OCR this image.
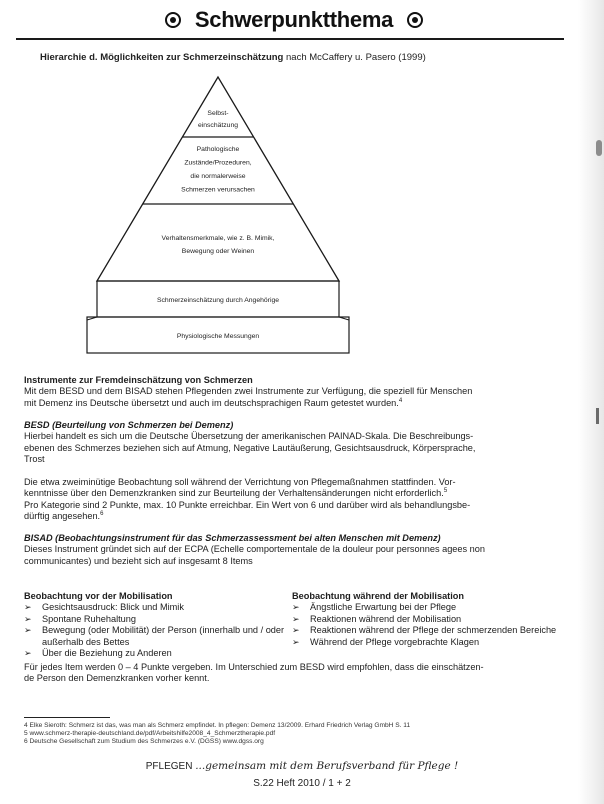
Schwerpunktthema
Hierarchie d. Möglichkeiten zur Schmerzeinschätzung nach McCaffery u. Pasero (1999)
Selbst-
einschätzung
Pathologische
Zustände/Prozeduren,
die normalerweise
Schmerzen verursachen
Verhaltensmerkmale, wie z. B. Mimik,
Bewegung oder Weinen
Schmerzeinschätzung durch Angehörige
Physiologische Messungen

Instrumente zur Fremdeinschätzung von Schmerzen

Mit dem BESD und dem BISAD stehen Pflegenden zwei Instrumente zur Verfügung, die speziell für Menschen

mit Demenz ins Deutsche übersetzt und auch im deutschsprachigen Raum getestet wurden.$^4$

BESD (Beurteilung von Schmerzen bei Demenz)

Hierbei handelt es sich um die Deutsche Übersetzung der amerikanischen PAINAD-Skala. Die Beschreibungs-

ebenen des Schmerzes beziehen sich auf Atmung, Negative Lautäußerung, Gesichtsausdruck, Körpersprache,

Trost

Die etwa zweiminütige Beobachtung soll während der Verrichtung von Pflegemaßnahmen stattfinden. Vor-

kenntnisse über den Demenzkranken sind zur Beurteilung der Verhaltensänderungen nicht erforderlich.$^5$

Pro Kategorie sind 2 Punkte, max. 10 Punkte erreichbar. Ein Wert von 6 und darüber wird als behandlungsbe-

dürftig angesehen.$^6$

BISAD (Beobachtungsinstrument für das Schmerzassessment bei alten Menschen mit Demenz)

Dieses Instrument gründet sich auf der ECPA (Echelle comportementale de la douleur pour personnes agees non

communicantes) und bezieht sich auf insgesamt 8 Items

Beobachtung vor der Mobilisation
➢ Gesichtsausdruck: Blick und Mimik
➢ Spontane Ruhehaltung
➢ Bewegung (oder Mobilität) der Person (innerhalb und / oder außerhalb des Bettes
➢ Über die Beziehung zu Anderen
Beobachtung während der Mobilisation
➢ Ängstliche Erwartung bei der Pflege
➢ Reaktionen während der Mobilisation
➢ Reaktionen während der Pflege der schmerzenden Bereiche
➢ Während der Pflege vorgebrachte Klagen

Für jedes Item werden 0 – 4 Punkte vergeben. Im Unterschied zum BESD wird empfohlen, dass die einschätzen-

de Person den Demenzkranken vorher kennt.

4 Elke Sieroth: Schmerz ist das, was man als Schmerz empfindet. In pflegen: Demenz 13/2009. Erhard Friedrich Verlag GmbH S. 11

5 www.schmerz-therapie-deutschland.de/pdf/Arbeitshilfe2008_4_Schmerztherapie.pdf

6 Deutsche Gesellschaft zum Studium des Schmerzes e.V. (DGSS) www.dgss.org

PFLEGEN ...gemeinsam mit dem Berufsverband für Pflege !
S.22 Heft 2010 / 1 + 2
